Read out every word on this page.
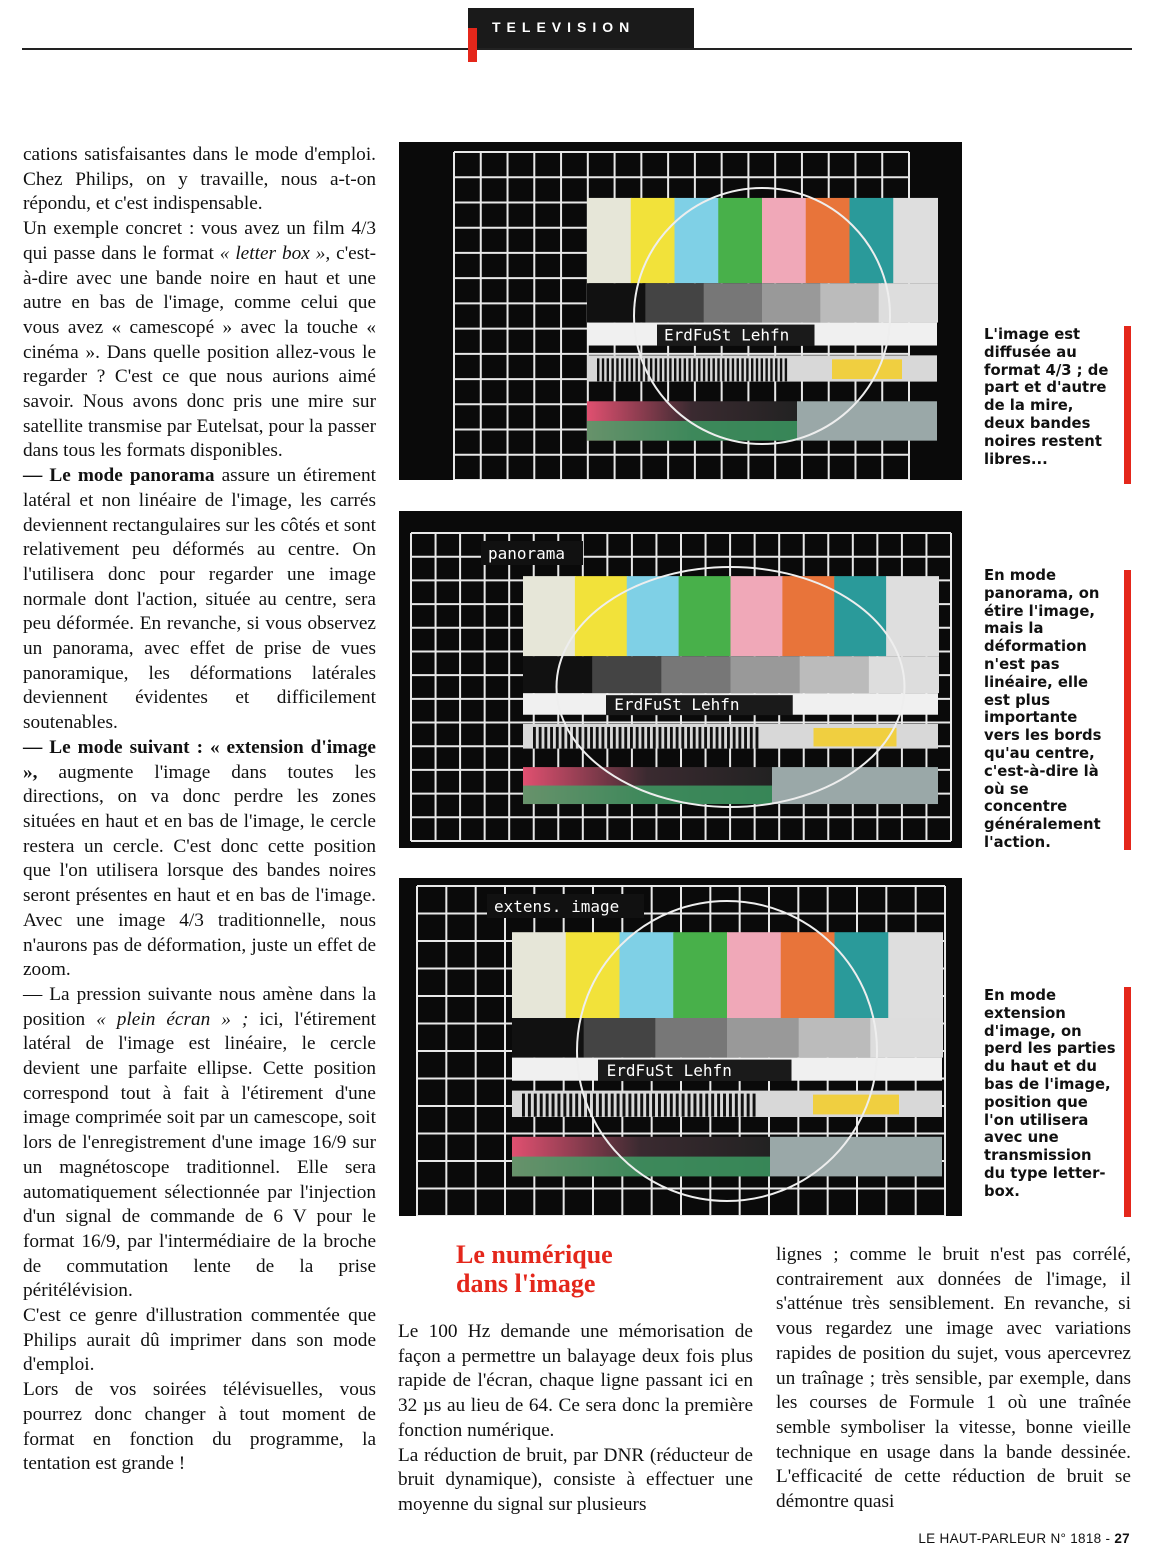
TELEVISION

cations satisfaisantes dans le mode d'emploi. Chez Philips, on y travaille, nous a-t-on répondu, et c'est indispensable.

Un exemple concret : vous avez un film 4/3 qui passe dans le format « letter box », c'est-à-dire avec une bande noire en haut et une autre en bas de l'image, comme celui que vous avez « camescopé » avec la touche « cinéma ». Dans quelle position allez-vous le regarder ? C'est ce que nous aurions aimé savoir. Nous avons donc pris une mire sur satellite transmise par Eutelsat, pour la passer dans tous les formats disponibles.

— Le mode panorama assure un étirement latéral et non linéaire de l'image, les carrés deviennent rectangulaires sur les côtés et sont relativement peu déformés au centre. On l'utilisera donc pour regarder une image normale dont l'action, située au centre, sera peu déformée. En revanche, si vous observez un panorama, avec effet de prise de vues panoramique, les déformations latérales deviennent évidentes et difficilement soutenables.

— Le mode suivant : « extension d'image », augmente l'image dans toutes les directions, on va donc perdre les zones situées en haut et en bas de l'image, le cercle restera un cercle. C'est donc cette position que l'on utilisera lorsque des bandes noires seront présentes en haut et en bas de l'image. Avec une image 4/3 traditionnelle, nous n'aurons pas de déformation, juste un effet de zoom.

— La pression suivante nous amène dans la position « plein écran » ; ici, l'étirement latéral de l'image est linéaire, le cercle devient une parfaite ellipse. Cette position correspond tout à fait à l'étirement d'une image comprimée soit par un camescope, soit lors de l'enregistrement d'une image 16/9 sur un magnétoscope traditionnel. Elle sera automatiquement sélectionnée par l'injection d'un signal de commande de 6 V pour le format 16/9, par l'intermédiaire de la broche de commutation lente de la prise péritélévision.

C'est ce genre d'illustration commentée que Philips aurait dû imprimer dans son mode d'emploi.

Lors de vos soirées télévisuelles, vous pourrez donc changer à tout moment de format en fonction du programme, la tentation est grande !

ErdFuSt Lehfn
ErdFuSt Lehfn
panorama
ErdFuSt Lehfn
extens. image
L'image est diffusée au format 4/3 ; de part et d'autre de la mire, deux bandes noires restent libres...
En mode panorama, on étire l'image, mais la déformation n'est pas linéaire, elle est plus importante vers les bords qu'au centre, c'est-à-dire là où se concentre généralement l'action.
En mode extension d'image, on perd les parties du haut et du bas de l'image, position que l'on utilisera avec une transmission du type letter-box.
Le numérique
dans l'image

Le 100 Hz demande une mémorisation de façon a permettre un balayage deux fois plus rapide de l'écran, chaque ligne passant ici en 32 µs au lieu de 64. Ce sera donc la première fonction numérique.

La réduction de bruit, par DNR (réducteur de bruit dynamique), consiste à effectuer une moyenne du signal sur plusieurs

lignes ; comme le bruit n'est pas corrélé, contrairement aux données de l'image, il s'atténue très sensiblement. En revanche, si vous regardez une image avec variations rapides de position du sujet, vous apercevrez un traînage ; très sensible, par exemple, dans les courses de Formule 1 où une traînée semble symboliser la vitesse, bonne vieille technique en usage dans la bande dessinée. L'efficacité de cette réduction de bruit se démontre quasi

LE HAUT-PARLEUR N° 1818 - 27
